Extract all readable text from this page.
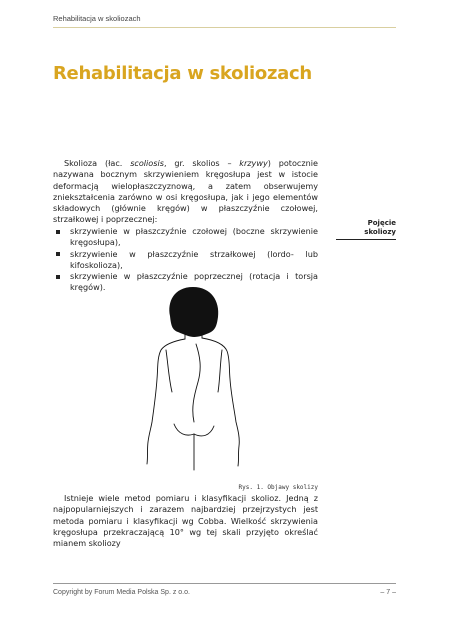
Rehabilitacja w skoliozach
Rehabilitacja w skoliozach

Skolioza (łac. scoliosis, gr. skolios – krzywy) potocznie nazywana bocznym skrzywieniem kręgosłupa jest w istocie deformacją wielopłaszczyznową, a zatem obserwujemy zniekształcenia zarówno w osi kręgosłupa, jak i jego elementów składowych (głównie kręgów) w płaszczyźnie czołowej, strzałkowej i poprzecznej:

skrzywienie w płaszczyźnie czołowej (boczne skrzywienie kręgosłupa),
skrzywienie w płaszczyźnie strzałkowej (lordo- lub kifoskolioza),
skrzywienie w płaszczyźnie poprzecznej (rotacja i torsja kręgów).
Pojęcie
skoliozy
Rys. 1. Objawy skolizy

Istnieje wiele metod pomiaru i klasyfikacji skolioz. Jedną z najpopularniejszych i zarazem najbardziej przejrzystych jest metoda pomiaru i klasyfikacji wg Cobba. Wielkość skrzywienia kręgosłupa przekraczającą 10° wg tej skali przyjęto określać mianem skoliozy

Copyright by Forum Media Polska Sp. z o.o.	– 7 –
